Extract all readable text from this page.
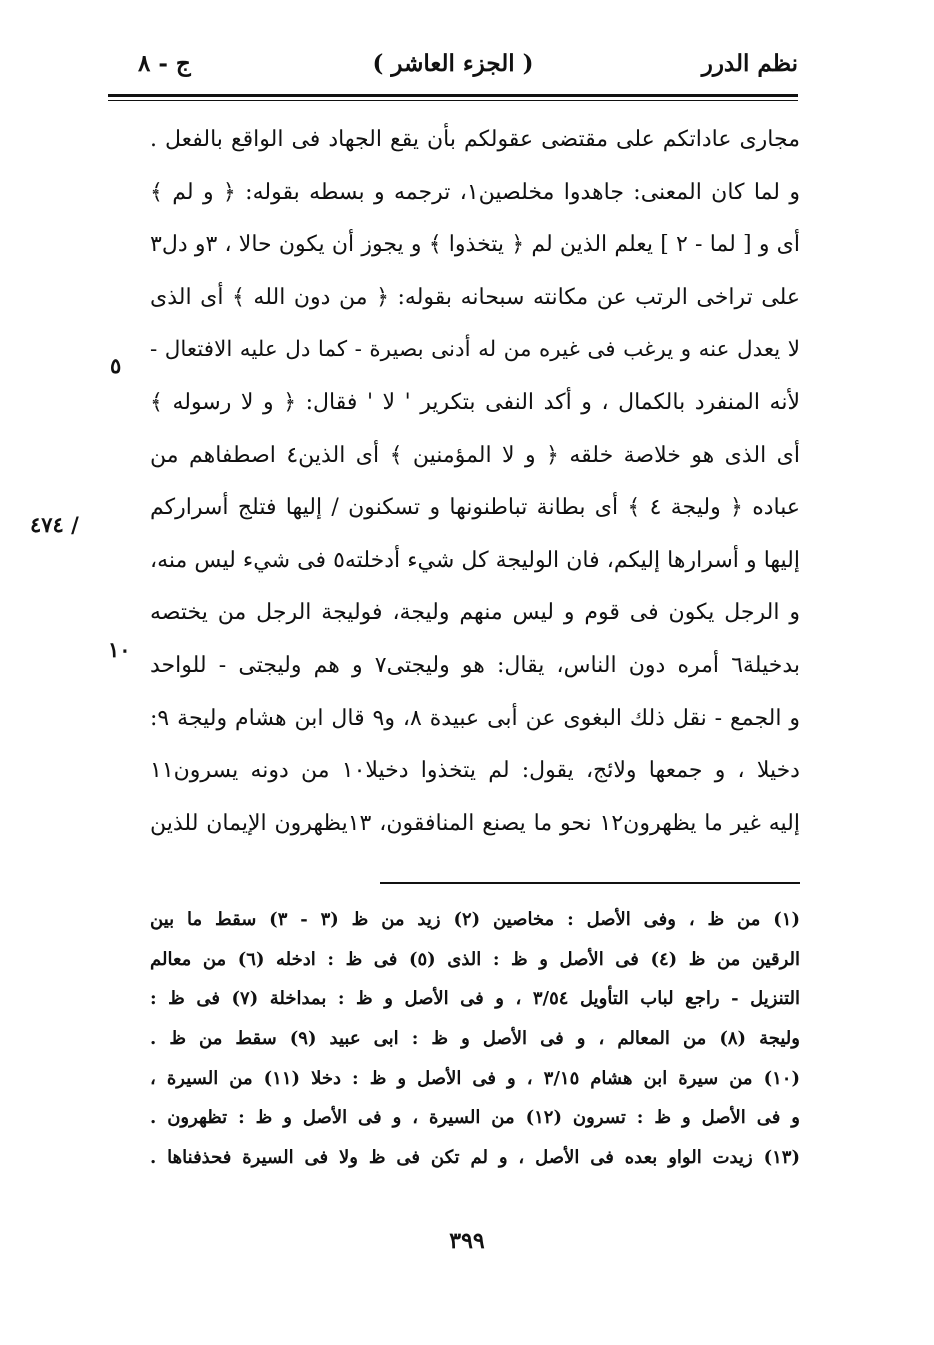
نظم الدرر
( الجزء العاشر )
ج - ٨
مجارى عاداتكم على مقتضى عقولكم بأن يقع الجهاد فى الواقع بالفعل .
و لما كان المعنى: جاهدوا مخلصين١، ترجمه و بسطه بقوله: ﴿ و لم ﴾
أى و [ لما - ٢ ] يعلم الذين لم ﴿ يتخذوا ﴾ و يجوز أن يكون حالا ، ٣و دل٣
على تراخى الرتب عن مكانته سبحانه بقوله: ﴿ من دون الله ﴾ أى الذى
لا يعدل عنه و يرغب فى غيره من له أدنى بصيرة - كما دل عليه الافتعال -
لأنه المنفرد بالكمال ، و أكد النفى بتكرير ' لا ' فقال: ﴿ و لا رسوله ﴾
أى الذى هو خلاصة خلقه ﴿ و لا المؤمنين ﴾ أى الذين٤ اصطفاهم من
عباده ﴿ وليجة ٤ ﴾ أى بطانة تباطنونها و تسكنون / إليها فتلج أسراركم
إليها و أسرارها إليكم، فان الوليجة كل شيء أدخلته٥ فى شيء ليس منه،
و الرجل يكون فى قوم و ليس منهم وليجة، فوليجة الرجل من يختصه
بدخيلة٦ أمره دون الناس، يقال: هو وليجتى٧ و هم وليجتى - للواحد
و الجمع - نقل ذلك البغوى عن أبى عبيدة ٨، و٩ قال ابن هشام وليجة ٩:
دخيلا ، و جمعها ولائج، يقول: لم يتخذوا دخيلا١٠ من دونه يسرون١١
إليه غير ما يظهرون١٢ نحو ما يصنع المنافقون، ١٣يظهرون الإيمان للذين
٥
١٠
/ ٤٧٤
(١) من ظ ، وفى الأصل : مخاصين (٢) زيد من ظ (٣ - ٣) سقط ما بين
الرقين من ظ (٤) فى الأصل و ظ : الذى (٥) فى ظ : ادخله (٦) من معالم
التنزيل - راجع لباب التأويل ٣/٥٤ ، و فى الأصل و ظ : بمداخلة (٧) فى ظ :
وليجة (٨) من المعالم ، و فى الأصل و ظ : ابى عبيد (٩) سقط من ظ .
(١٠) من سيرة ابن هشام ٣/١٥ ، و فى الأصل و ظ : دخلا (١١) من السيرة ،
و فى الأصل و ظ : تسرون (١٢) من السيرة ، و فى الأصل و ظ : تظهرون .
(١٣) زيدت الواو بعده فى الأصل ، و لم تكن فى ظ ولا فى السيرة فحذفناها .
٣٩٩
